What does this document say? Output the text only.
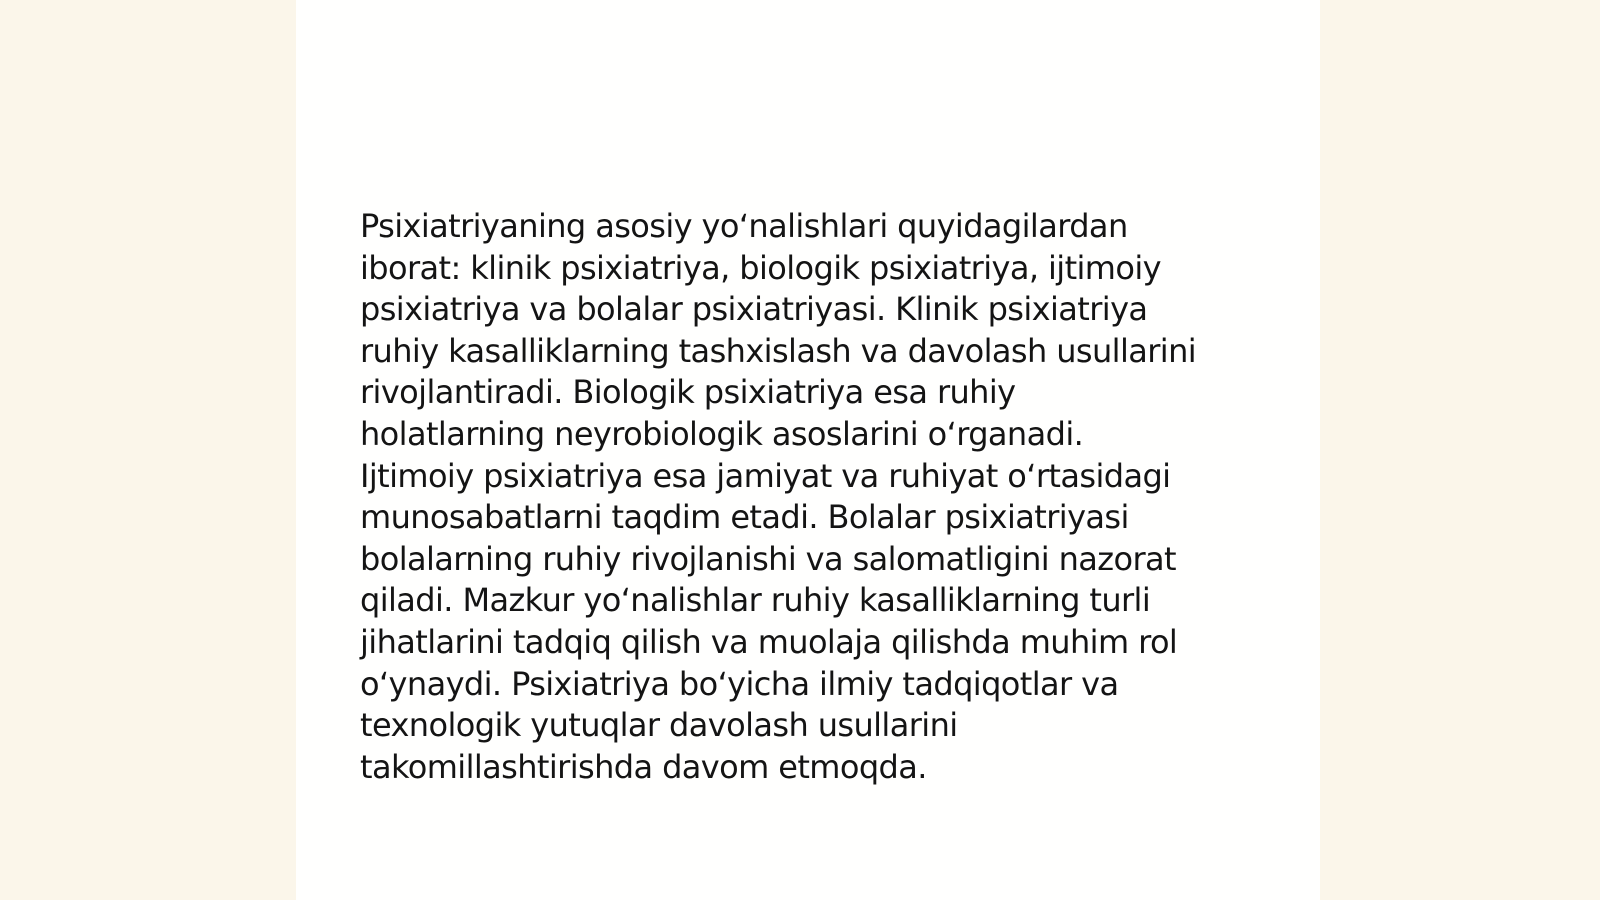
Psixiatriyaning asosiy yoʻnalishlari quyidagilardan
iborat: klinik psixiatriya, biologik psixiatriya, ijtimoiy
psixiatriya va bolalar psixiatriyasi. Klinik psixiatriya
ruhiy kasalliklarning tashxislash va davolash usullarini
rivojlantiradi. Biologik psixiatriya esa ruhiy
holatlarning neyrobiologik asoslarini oʻrganadi.
Ijtimoiy psixiatriya esa jamiyat va ruhiyat oʻrtasidagi
munosabatlarni taqdim etadi. Bolalar psixiatriyasi
bolalarning ruhiy rivojlanishi va salomatligini nazorat
qiladi. Mazkur yoʻnalishlar ruhiy kasalliklarning turli
jihatlarini tadqiq qilish va muolaja qilishda muhim rol
oʻynaydi. Psixiatriya boʻyicha ilmiy tadqiqotlar va
texnologik yutuqlar davolash usullarini
takomillashtirishda davom etmoqda.
